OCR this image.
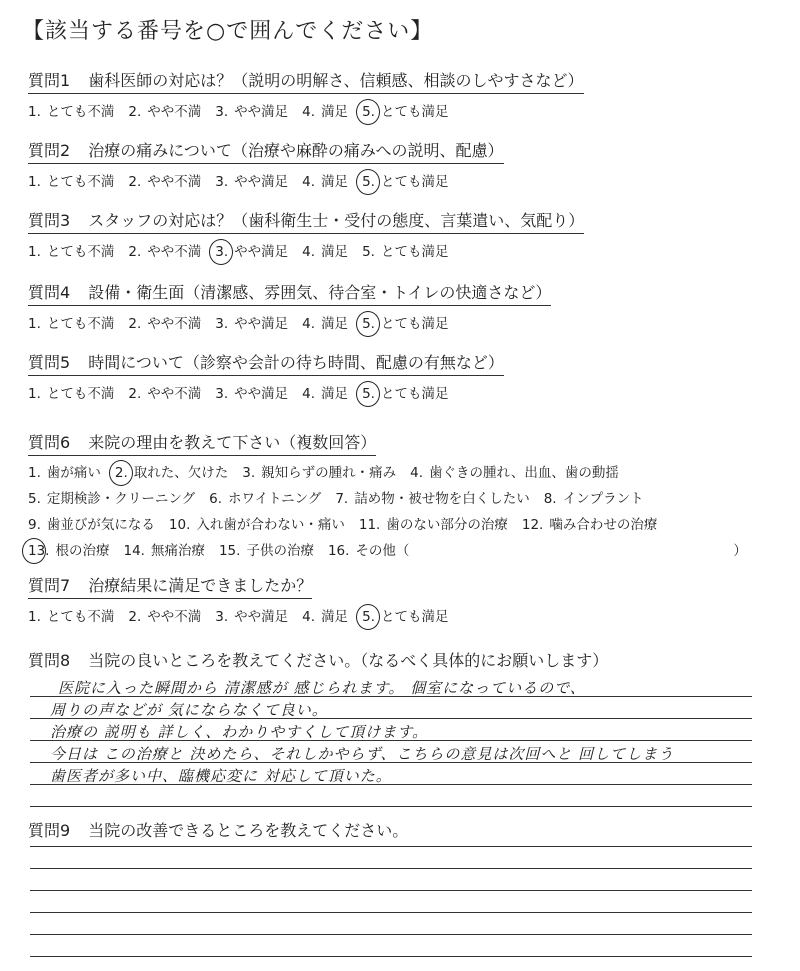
【該当する番号を○で囲んでください】
質問1 歯科医師の対応は？（説明の明解さ、信頼感、相談のしやすさなど）
1. とても不満 2. やや不満 3. やや満足 4. 満足 5. とても満足
質問2 治療の痛みについて（治療や麻酔の痛みへの説明、配慮）
1. とても不満 2. やや不満 3. やや満足 4. 満足 5. とても満足
質問3 スタッフの対応は？（歯科衛生士・受付の態度、言葉遣い、気配り）
1. とても不満 2. やや不満 3. やや満足 4. 満足 5. とても満足
質問4 設備・衛生面（清潔感、雰囲気、待合室・トイレの快適さなど）
1. とても不満 2. やや不満 3. やや満足 4. 満足 5. とても満足
質問5 時間について（診察や会計の待ち時間、配慮の有無など）
1. とても不満 2. やや不満 3. やや満足 4. 満足 5. とても満足
質問6 来院の理由を教えて下さい（複数回答）
1. 歯が痛い 2. 取れた、欠けた 3. 親知らずの腫れ・痛み 4. 歯ぐきの腫れ、出血、歯の動揺
5. 定期検診・クリーニング 6. ホワイトニング 7. 詰め物・被せ物を白くしたい 8. インプラント
9. 歯並びが気になる 10. 入れ歯が合わない・痛い 11. 歯のない部分の治療 12. 噛み合わせの治療
13. 根の治療 14. 無痛治療 15. 子供の治療 16. その他（　　　　　　　　　　　　　　　　　　　　　　　　）
質問7 治療結果に満足できましたか？
1. とても不満 2. やや不満 3. やや満足 4. 満足 5. とても満足
質問8 当院の良いところを教えてください。（なるべく具体的にお願いします）
医院に入った瞬間から 清潔感が 感じられます。 個室になっているので、
周りの声などが 気にならなくて良い。
治療の 説明も 詳しく、わかりやすくして頂けます。
今日は この治療と 決めたら、それしかやらず、こちらの意見は次回へと 回してしまう
歯医者が多い中、臨機応変に 対応して頂いた。
質問9 当院の改善できるところを教えてください。
